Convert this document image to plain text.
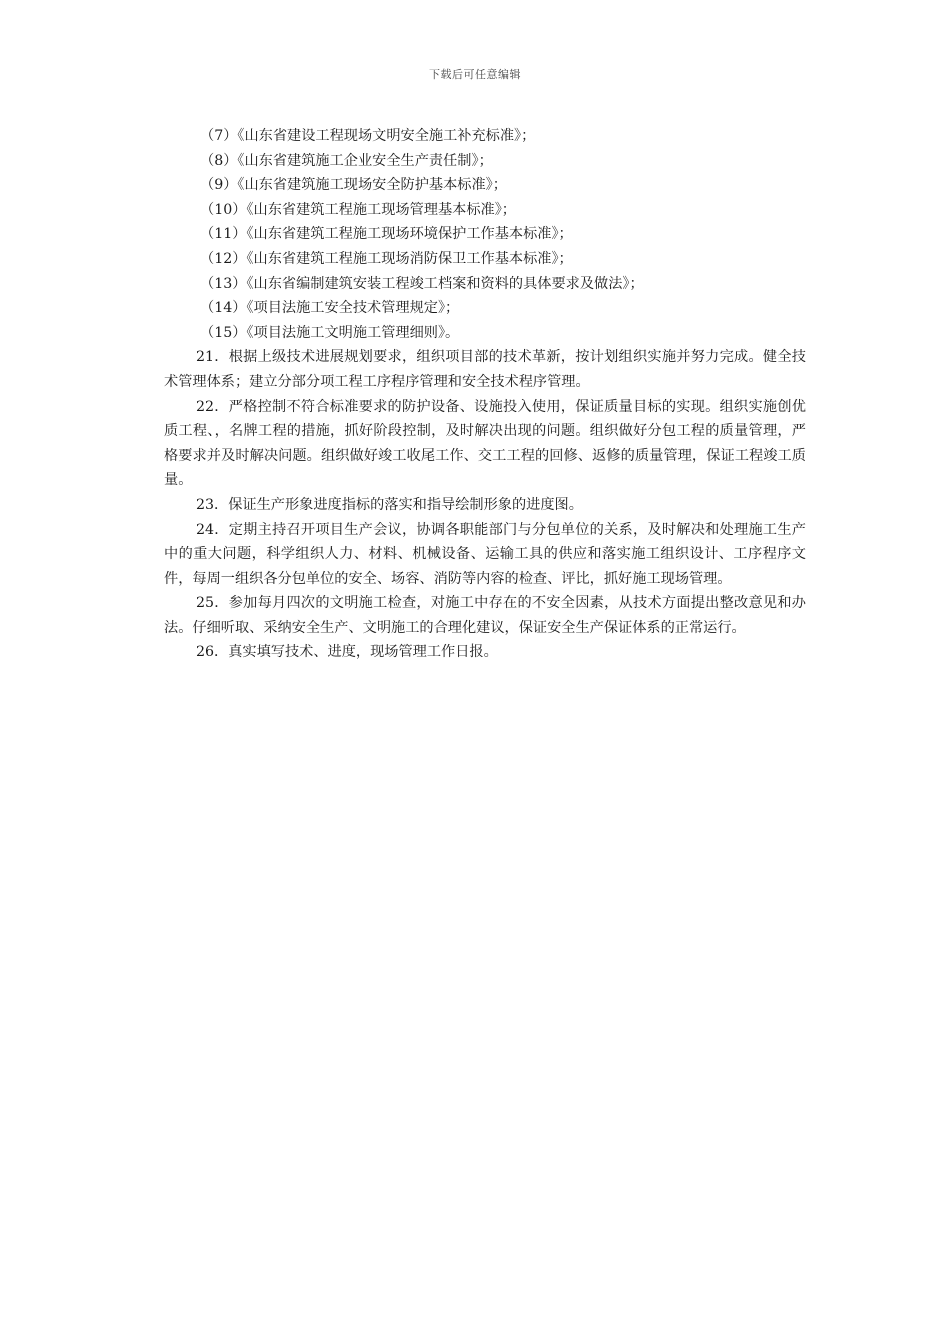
下载后可任意编辑

（7）《山东省建设工程现场文明安全施工补充标准》；

（8）《山东省建筑施工企业安全生产责任制》；

（9）《山东省建筑施工现场安全防护基本标准》；

（10）《山东省建筑工程施工现场管理基本标准》；

（11）《山东省建筑工程施工现场环境保护工作基本标准》；

（12）《山东省建筑工程施工现场消防保卫工作基本标准》；

（13）《山东省编制建筑安装工程竣工档案和资料的具体要求及做法》；

（14）《项目法施工安全技术管理规定》；

（15）《项目法施工文明施工管理细则》。

21．根据上级技术进展规划要求，组织项目部的技术革新，按计划组织实施并努力完成。健全技术管理体系；建立分部分项工程工序程序管理和安全技术程序管理。

22．严格控制不符合标准要求的防护设备、设施投入使用，保证质量目标的实现。组织实施创优质工程、，名牌工程的措施，抓好阶段控制，及时解决出现的问题。组织做好分包工程的质量管理，严格要求并及时解决问题。组织做好竣工收尾工作、交工工程的回修、返修的质量管理，保证工程竣工质量。

23．保证生产形象进度指标的落实和指导绘制形象的进度图。

24．定期主持召开项目生产会议，协调各职能部门与分包单位的关系，及时解决和处理施工生产中的重大问题，科学组织人力、材料、机械设备、运输工具的供应和落实施工组织设计、工序程序文件，每周一组织各分包单位的安全、场容、消防等内容的检查、评比，抓好施工现场管理。

25．参加每月四次的文明施工检查，对施工中存在的不安全因素，从技术方面提出整改意见和办法。仔细听取、采纳安全生产、文明施工的合理化建议，保证安全生产保证体系的正常运行。

26．真实填写技术、进度，现场管理工作日报。
